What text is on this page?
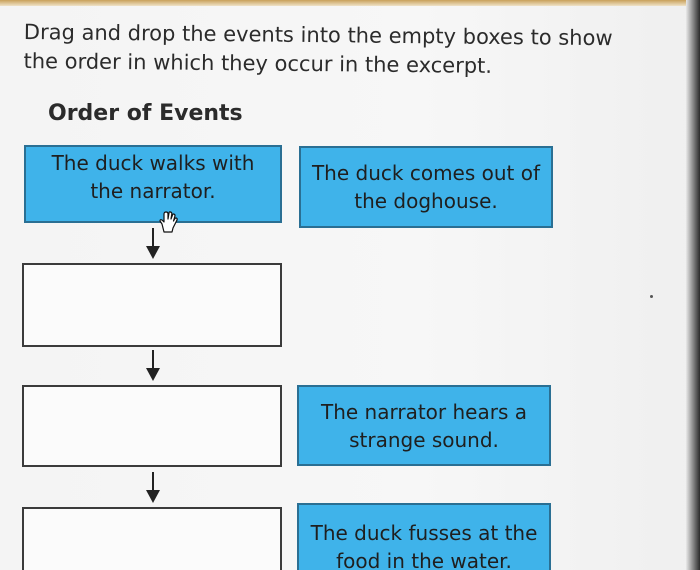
Drag and drop the events into the empty boxes to show the order in which they occur in the excerpt.
Order of Events
The duck walks with the narrator.
The duck comes out of the doghouse.
The narrator hears a strange sound.
The duck fusses at the food in the water.
